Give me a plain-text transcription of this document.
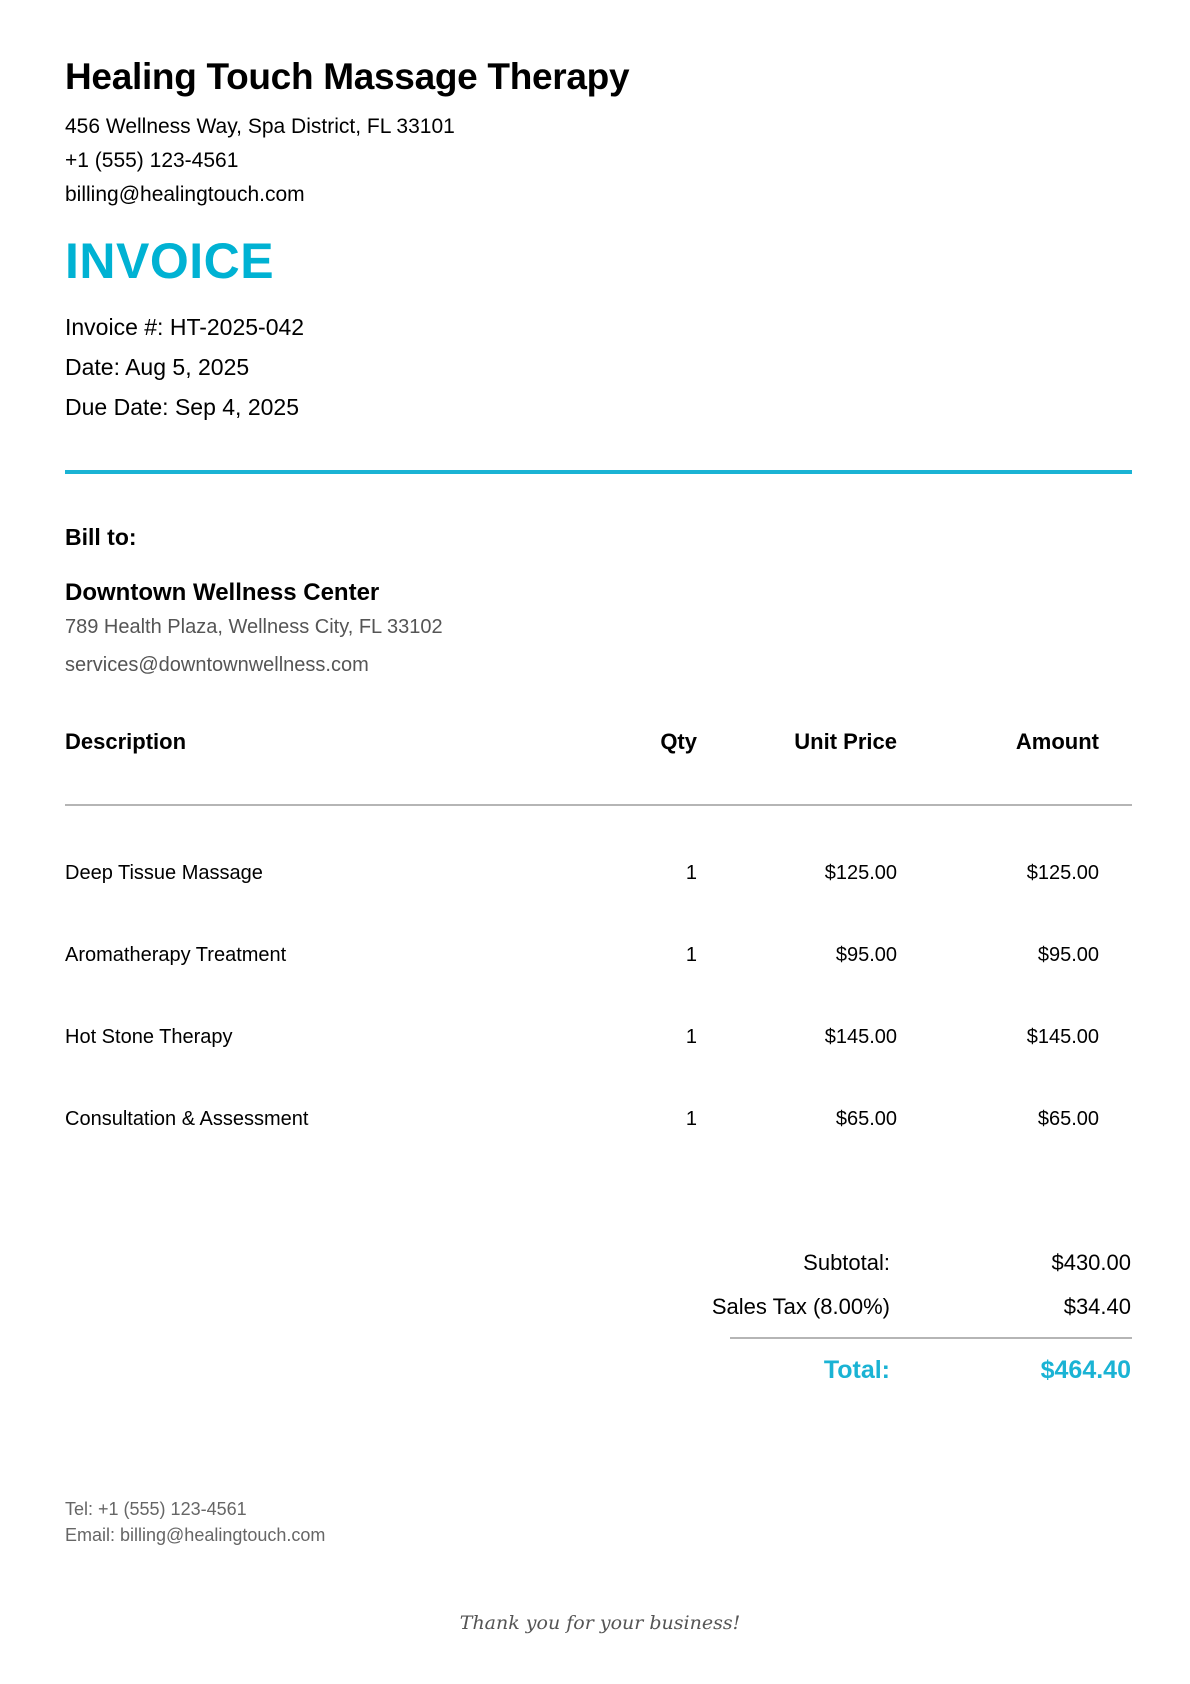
Healing Touch Massage Therapy
456 Wellness Way, Spa District, FL 33101
+1 (555) 123-4561
billing@healingtouch.com
INVOICE
Invoice #: HT-2025-042
Date: Aug 5, 2025
Due Date: Sep 4, 2025
Bill to:
Downtown Wellness Center
789 Health Plaza, Wellness City, FL 33102
services@downtownwellness.com
Description	Qty	Unit Price	Amount
Deep Tissue Massage	1	$125.00	$125.00
Aromatherapy Treatment	1	$95.00	$95.00
Hot Stone Therapy	1	$145.00	$145.00
Consultation & Assessment	1	$65.00	$65.00
Subtotal:	$430.00
Sales Tax (8.00%)	$34.40
Total:	$464.40
Tel: +1 (555) 123-4561
Email: billing@healingtouch.com
Thank you for your business!
